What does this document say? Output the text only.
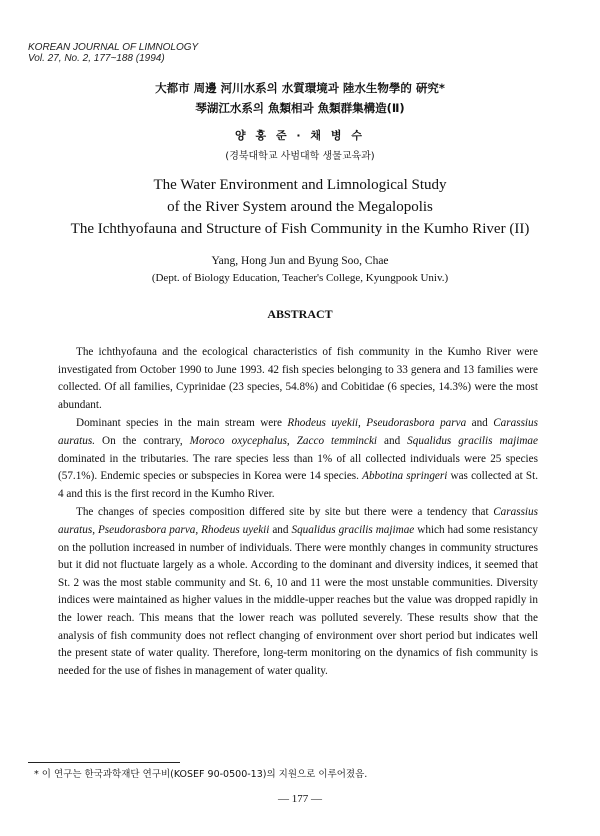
KOREAN JOURNAL OF LIMNOLOGY
Vol. 27, No. 2, 177~188 (1994)
大都市 周邊 河川水系의 水質環境과 陸水生物學的 硏究*
琴湖江水系의 魚類相과 魚類群集構造(Ⅱ)
양 홍 준 · 채 병 수
(경북대학교 사범대학 생물교육과)
The Water Environment and Limnological Study
of the River System around the Megalopolis
The Ichthyofauna and Structure of Fish Community in the Kumho River (II)
Yang, Hong Jun and Byung Soo, Chae
(Dept. of Biology Education, Teacher's College, Kyungpook Univ.)
ABSTRACT

The ichthyofauna and the ecological characteristics of fish community in the Kumho River were investigated from October 1990 to June 1993. 42 fish species belonging to 33 genera and 13 families were collected. Of all families, Cyprinidae (23 species, 54.8%) and Cobitidae (6 species, 14.3%) were the most abundant.

Dominant species in the main stream were Rhodeus uyekii, Pseudorasbora parva and Carassius auratus. On the contrary, Moroco oxycephalus, Zacco temmincki and Squalidus gracilis majimae dominated in the tributaries. The rare species less than 1% of all collected individuals were 25 species (57.1%). Endemic species or subspecies in Korea were 14 species. Abbotina springeri was collected at St. 4 and this is the first record in the Kumho River.

The changes of species composition differed site by site but there were a tendency that Carassius auratus, Pseudorasbora parva, Rhodeus uyekii and Squalidus gracilis majimae which had some resistancy on the pollution increased in number of individuals. There were monthly changes in community structures but it did not fluctuate largely as a whole. According to the dominant and diversity indices, it seemed that St. 2 was the most stable community and St. 6, 10 and 11 were the most unstable communities. Diversity indices were maintained as higher values in the middle-upper reaches but the value was dropped rapidly in the lower reach. This means that the lower reach was polluted severely. These results show that the analysis of fish community does not reflect changing of environment over short period but indicates well the present state of water quality. Therefore, long-term monitoring on the dynamics of fish community is needed for the use of fishes in management of water quality.

* 이 연구는 한국과학재단 연구비(KOSEF 90-0500-13)의 지원으로 이루어졌음.
— 177 —
